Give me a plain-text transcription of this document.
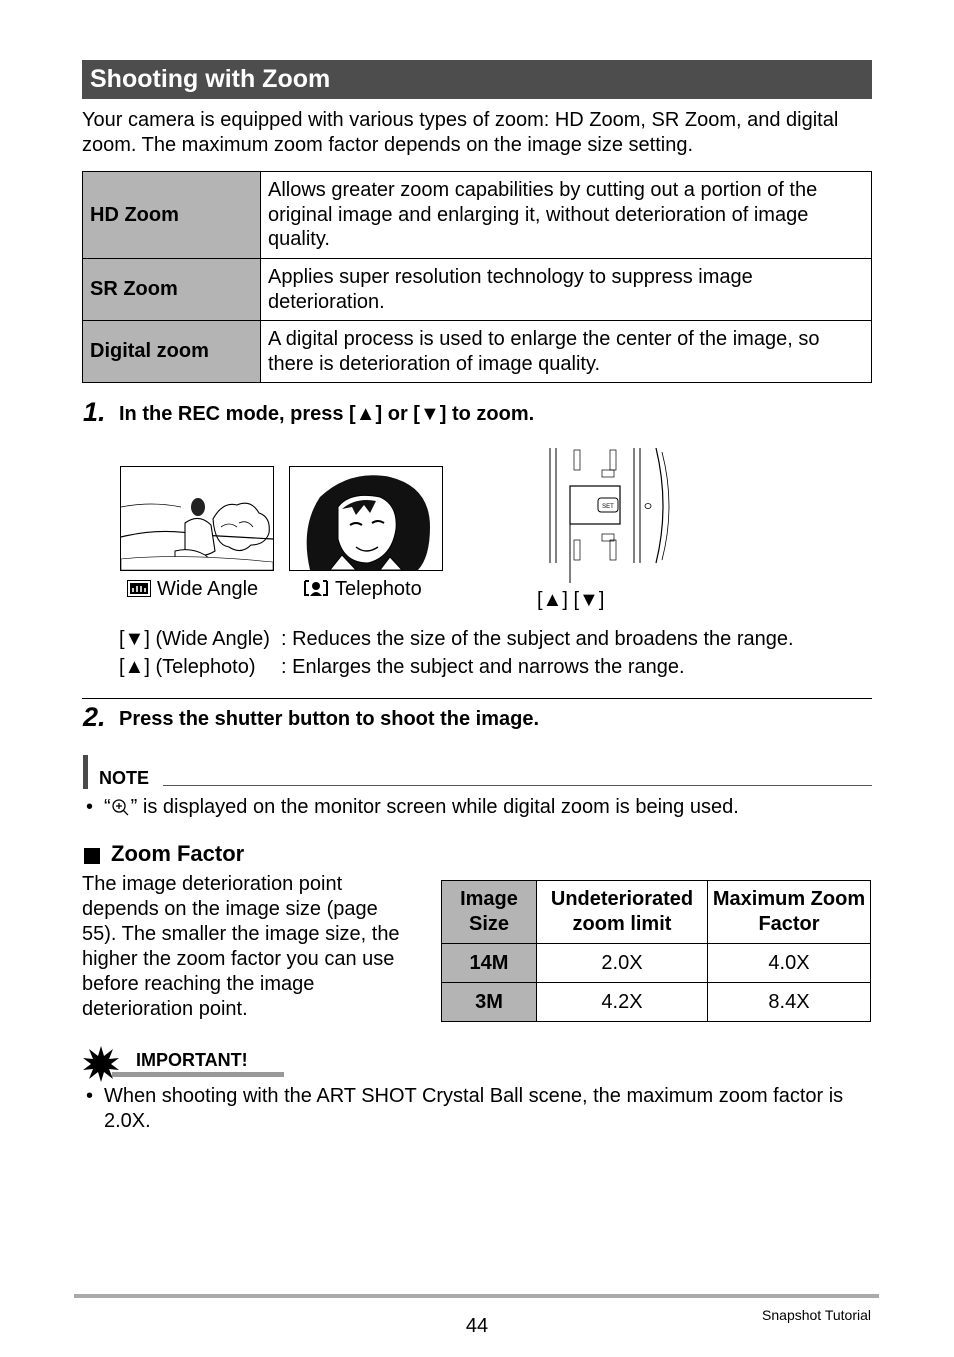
Shooting with Zoom
Your camera is equipped with various types of zoom: HD Zoom, SR Zoom, and digital zoom. The maximum zoom factor depends on the image size setting.
HD Zoom	Allows greater zoom capabilities by cutting out a portion of the original image and enlarging it, without deterioration of image quality.
SR Zoom	Applies super resolution technology to suppress image deterioration.
Digital zoom	A digital process is used to enlarge the center of the image, so there is deterioration of image quality.
1. In the REC mode, press [▲] or [▼] to zoom.
Wide Angle	Telephoto
SET
[▲] [▼]
[▼] (Wide Angle) : Reduces the size of the subject and broadens the range.
[▲] (Telephoto) : Enlarges the subject and narrows the range.
2. Press the shutter button to shoot the image.
NOTE
• “ ” is displayed on the monitor screen while digital zoom is being used.
Zoom Factor
The image deterioration point depends on the image size (page 55). The smaller the image size, the higher the zoom factor you can use before reaching the image deterioration point.
Image Size	Undeteriorated zoom limit	Maximum Zoom Factor
14M	2.0X	4.0X
3M	4.2X	8.4X
IMPORTANT!
• When shooting with the ART SHOT Crystal Ball scene, the maximum zoom factor is 2.0X.
44	Snapshot Tutorial
